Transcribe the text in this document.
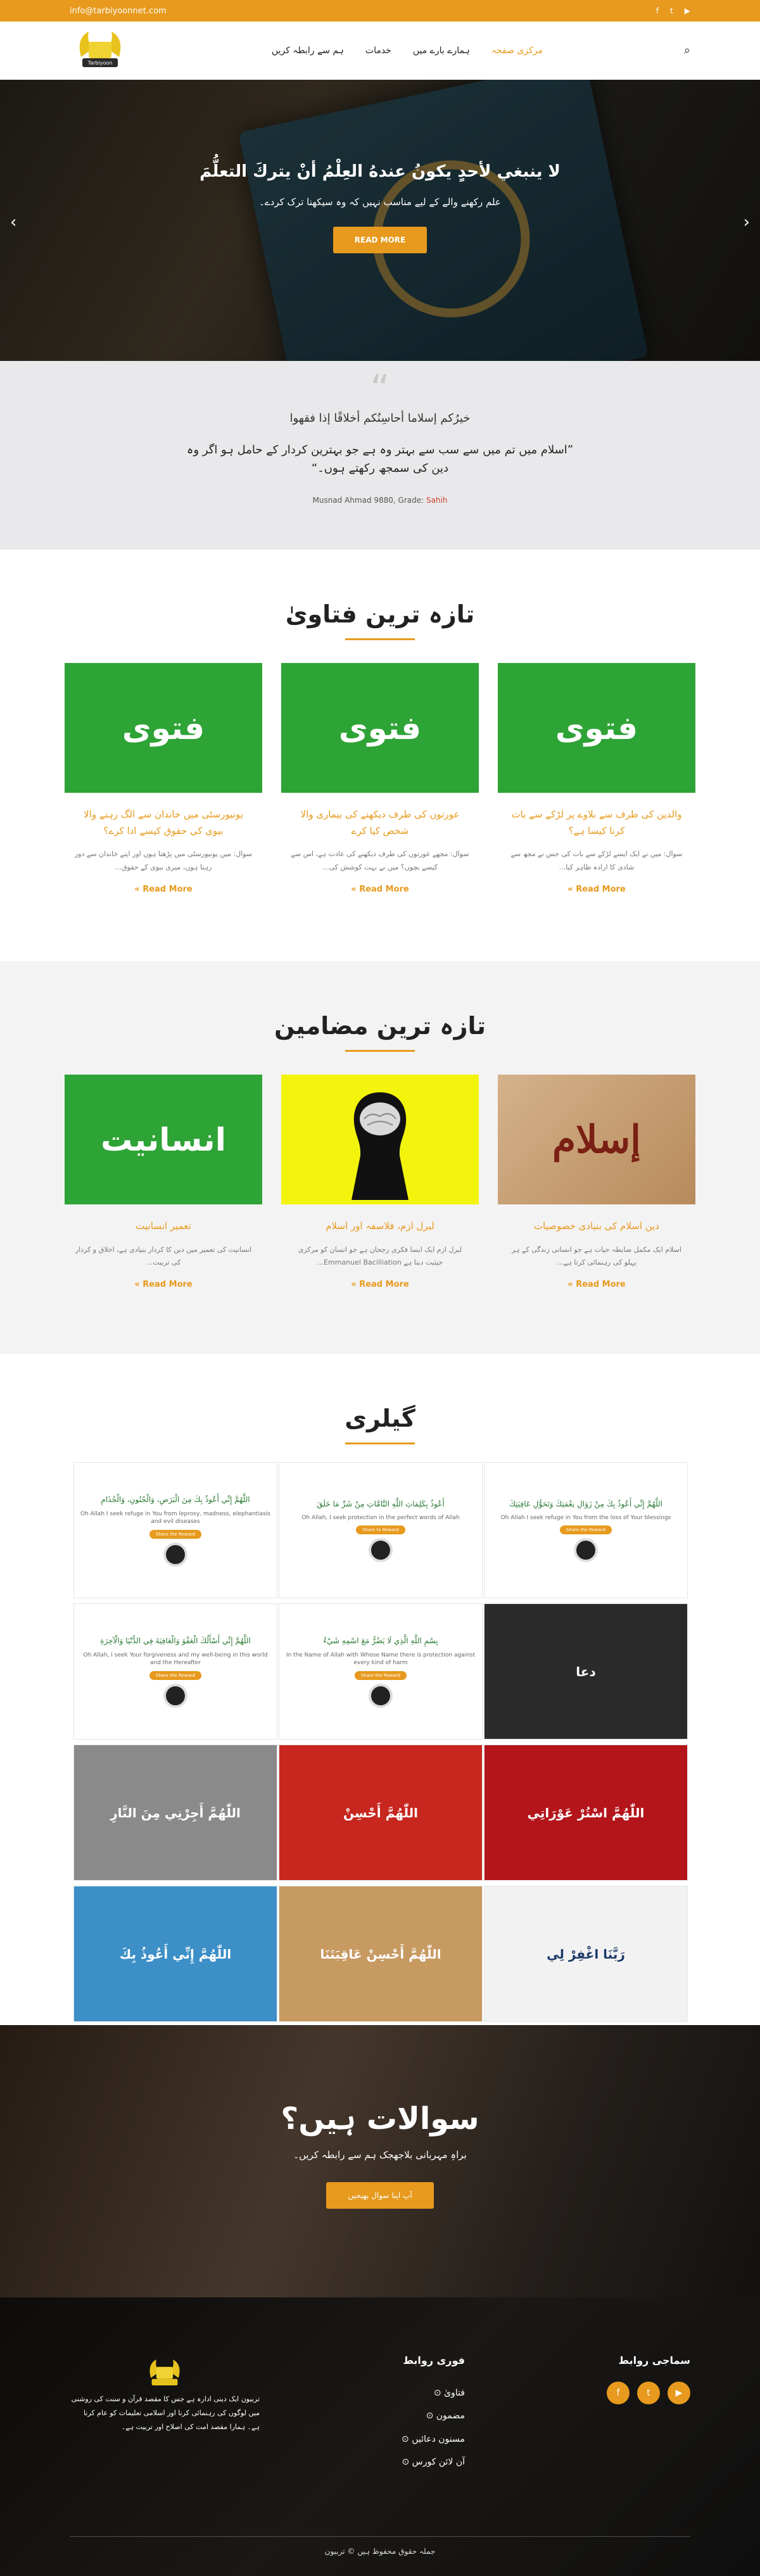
info@tarbiyoonnet.com	f t ▶
Tarbiyoon
مرکزی صفحہ
ہمارے بارے میں
خدمات
ہم سے رابطہ کریں	⌕
لا ينبغي لأحدٍ يكونُ عندهُ العِلْمُ أنْ يتركَ التعلُّمَ

علم رکھنے والے کے لیے مناسب نہیں کہ وہ سیکھنا ترک کردے۔

READ MORE
‹	›
“
خيرُكم إسلاما أحاسِنُكم أخلاقًا إذا فقهوا
”اسلام میں تم میں سے سب سے بہتر وہ ہے جو بہترین کردار کے حامل ہو اگر وہ دین کی سمجھ رکھتے ہوں۔“
Musnad Ahmad 9880, Grade: Sahih
تازہ ترین فتاویٰ
فتوی
والدین کی طرف سے بلاوے پر لڑکے سے بات کرنا کیسا ہے؟

سوال: میں نے ایک ایسے لڑکے سے بات کی جس نے مجھ سے شادی کا ارادہ ظاہر کیا...

Read More »
فتوی
عورتوں کی طرف دیکھنے کی بیماری والا شخص کیا کرے

سوال: مجھے عورتوں کی طرف دیکھنے کی عادت ہے، اس سے کیسے بچوں؟ میں نے بہت کوشش کی...

Read More »
فتوی
یونیورسٹی میں خاندان سے الگ رہنے والا بیوی کی حقوق کیسے ادا کرے؟

سوال: میں یونیورسٹی میں پڑھتا ہوں اور اپنے خاندان سے دور رہتا ہوں، میری بیوی کے حقوق...

Read More »
تازہ ترین مضامین
إسلام
دین اسلام کی بنیادی خصوصیات

اسلام ایک مکمل ضابطہ حیات ہے جو انسانی زندگی کے ہر پہلو کی رہنمائی کرتا ہے...

Read More »
لبرل ازم، فلاسفہ اور اسلام

لبرل ازم ایک ایسا فکری رجحان ہے جو انسان کو مرکزی حیثیت دیتا ہے Emmanuel Bacilliation...

Read More »
انسانیت
تعمیر انسانیت

انسانیت کی تعمیر میں دین کا کردار بنیادی ہے، اخلاق و کردار کی تربیت...

Read More »
گیلری
اللَّهُمَّ إِنِّي أَعُوذُ بِكَ مِنْ زَوَالِ نِعْمَتِكَ وَتَحَوُّلِ عَافِيَتِكَ
Oh Allah I seek refuge in You from the loss of Your blessings
Share the Reward
أَعُوذُ بِكَلِمَاتِ اللَّهِ التَّامَّاتِ مِنْ شَرِّ مَا خَلَقَ
Oh Allah, I seek protection in the perfect words of Allah
Share to Reward
اللَّهُمَّ إِنِّي أَعُوذُ بِكَ مِنَ الْبَرَصِ، وَالْجُنُونِ، وَالْجُذَامِ
Oh Allah I seek refuge in You from leprosy, madness, elephantiasis and evil diseases
Share the Reward
دعا
بِسْمِ اللَّهِ الَّذِي لَا يَضُرُّ مَعَ اسْمِهِ شَيْءٌ
In the Name of Allah with Whose Name there is protection against every kind of harm
Share the Reward
اللَّهُمَّ إِنِّي أَسْأَلُكَ الْعَفْوَ وَالْعَافِيَةَ فِي الدُّنْيَا وَالْآخِرَةِ
Oh Allah, I seek Your forgiveness and my well-being in this world and the Hereafter
Share the Reward
اللّٰهُمَّ اسْتُرْ عَوْرَاتِي
اللّٰهُمَّ أَحْسِنْ
اللّٰهُمَّ أَجِرْنِي مِنَ النَّارِ
رَبَّنَا اغْفِرْ لِي
اللّٰهُمَّ أَحْسِنْ عَاقِبَتَنَا
اللّٰهُمَّ إِنِّي أَعُوذُ بِكَ
سوالات ہیں؟

براہِ مہربانی بلاجھجک ہم سے رابطہ کریں۔

آپ اپنا سوال بھیجیں
سماجی روابط
▶
t
f
فوری روابط
فتاویٰ ⊙
مضمون ⊙
مسنون دعائیں ⊙
آن لائن کورس ⊙

تربیون ایک دینی ادارہ ہے جس کا مقصد قرآن و سنت کی روشنی میں لوگوں کی رہنمائی کرنا اور اسلامی تعلیمات کو عام کرنا ہے۔ ہمارا مقصد امت کی اصلاح اور تربیت ہے۔

جملہ حقوق محفوظ ہیں © تربیون
